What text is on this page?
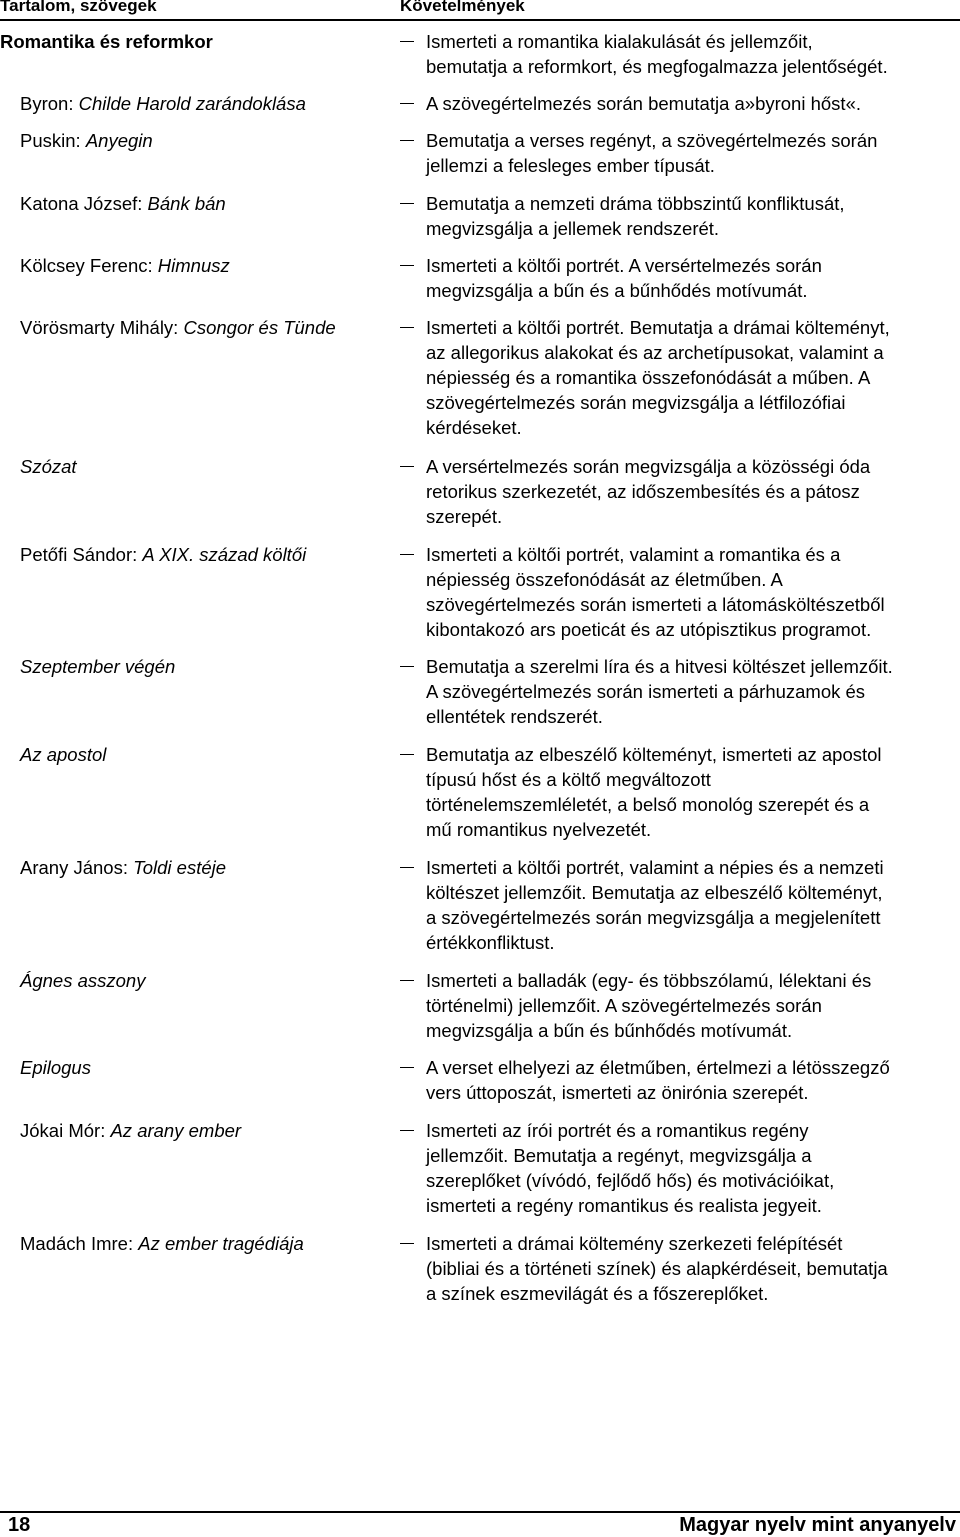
Tartalom, szövegek	Követelmények
Romantika és reformkor	Ismerteti a romantika kialakulását és jellemzőit,
bemutatja a reformkort, és megfogalmazza jelentőségét.
Byron: Childe Harold zarándoklása	A szövegértelmezés során bemutatja a»byroni hőst«.
Puskin: Anyegin	Bemutatja a verses regényt, a szövegértelmezés során
jellemzi a felesleges ember típusát.
Katona József: Bánk bán	Bemutatja a nemzeti dráma többszintű konfliktusát,
megvizsgálja a jellemek rendszerét.
Kölcsey Ferenc: Himnusz	Ismerteti a költői portrét. A versértelmezés során
megvizsgálja a bűn és a bűnhődés motívumát.
Vörösmarty Mihály: Csongor és Tünde	Ismerteti a költői portrét. Bemutatja a drámai költeményt,
az allegorikus alakokat és az archetípusokat, valamint a
népiesség és a romantika összefonódását a műben. A
szövegértelmezés során megvizsgálja a létfilozófiai
kérdéseket.
Szózat	A versértelmezés során megvizsgálja a közösségi óda
retorikus szerkezetét, az időszembesítés és a pátosz
szerepét.
Petőfi Sándor: A XIX. század költői	Ismerteti a költői portrét, valamint a romantika és a
népiesség összefonódását az életműben. A
szövegértelmezés során ismerteti a látomásköltészetből
kibontakozó ars poeticát és az utópisztikus programot.
Szeptember végén	Bemutatja a szerelmi líra és a hitvesi költészet jellemzőit.
A szövegértelmezés során ismerteti a párhuzamok és
ellentétek rendszerét.
Az apostol	Bemutatja az elbeszélő költeményt, ismerteti az apostol
típusú hőst és a költő megváltozott
történelemszemléletét, a belső monológ szerepét és a
mű romantikus nyelvezetét.
Arany János: Toldi estéje	Ismerteti a költői portrét, valamint a népies és a nemzeti
költészet jellemzőit. Bemutatja az elbeszélő költeményt,
a szövegértelmezés során megvizsgálja a megjelenített
értékkonfliktust.
Ágnes asszony	Ismerteti a balladák (egy- és többszólamú, lélektani és
történelmi) jellemzőit. A szövegértelmezés során
megvizsgálja a bűn és bűnhődés motívumát.
Epilogus	A verset elhelyezi az életműben, értelmezi a létösszegző
vers úttoposzát, ismerteti az önirónia szerepét.
Jókai Mór: Az arany ember	Ismerteti az írói portrét és a romantikus regény
jellemzőit. Bemutatja a regényt, megvizsgálja a
szereplőket (vívódó, fejlődő hős) és motivációikat,
ismerteti a regény romantikus és realista jegyeit.
Madách Imre: Az ember tragédiája	Ismerteti a drámai költemény szerkezeti felépítését
(bibliai és a történeti színek) és alapkérdéseit, bemutatja
a színek eszmevilágát és a főszereplőket.
18	Magyar nyelv mint anyanyelv
